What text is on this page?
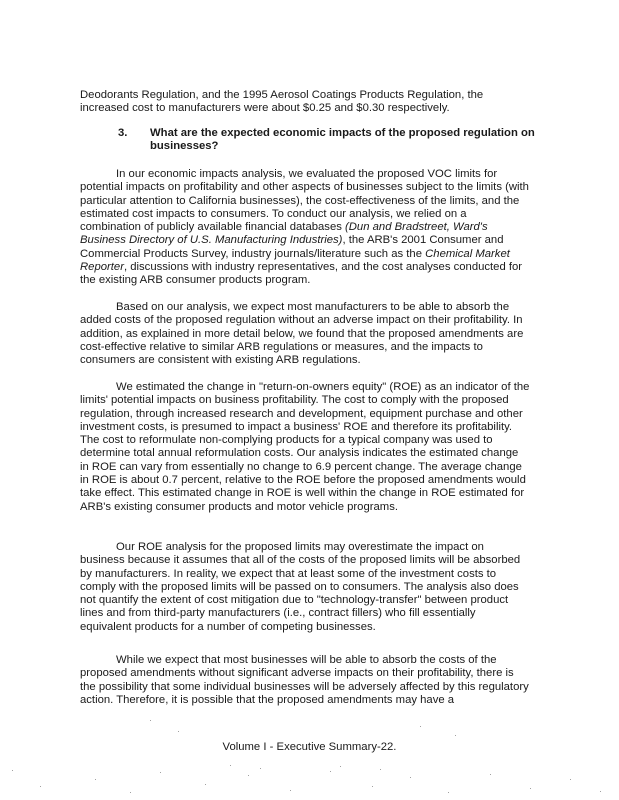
Deodorants Regulation, and the 1995 Aerosol Coatings Products Regulation, the increased cost to manufacturers were about $0.25 and $0.30 respectively.

3. What are the expected economic impacts of the proposed regulation on businesses?

In our economic impacts analysis, we evaluated the proposed VOC limits for potential impacts on profitability and other aspects of businesses subject to the limits (with particular attention to California businesses), the cost-effectiveness of the limits, and the estimated cost impacts to consumers. To conduct our analysis, we relied on a combination of publicly available financial databases (Dun and Bradstreet, Ward's Business Directory of U.S. Manufacturing Industries), the ARB's 2001 Consumer and Commercial Products Survey, industry journals/literature such as the Chemical Market Reporter, discussions with industry representatives, and the cost analyses conducted for the existing ARB consumer products program.

Based on our analysis, we expect most manufacturers to be able to absorb the added costs of the proposed regulation without an adverse impact on their profitability. In addition, as explained in more detail below, we found that the proposed amendments are cost-effective relative to similar ARB regulations or measures, and the impacts to consumers are consistent with existing ARB regulations.

We estimated the change in "return-on-owners equity" (ROE) as an indicator of the limits' potential impacts on business profitability. The cost to comply with the proposed regulation, through increased research and development, equipment purchase and other investment costs, is presumed to impact a business' ROE and therefore its profitability. The cost to reformulate non-complying products for a typical company was used to determine total annual reformulation costs. Our analysis indicates the estimated change in ROE can vary from essentially no change to 6.9 percent change. The average change in ROE is about 0.7 percent, relative to the ROE before the proposed amendments would take effect. This estimated change in ROE is well within the change in ROE estimated for ARB's existing consumer products and motor vehicle programs.

Our ROE analysis for the proposed limits may overestimate the impact on business because it assumes that all of the costs of the proposed limits will be absorbed by manufacturers. In reality, we expect that at least some of the investment costs to comply with the proposed limits will be passed on to consumers. The analysis also does not quantify the extent of cost mitigation due to "technology-transfer" between product lines and from third-party manufacturers (i.e., contract fillers) who fill essentially equivalent products for a number of competing businesses.

While we expect that most businesses will be able to absorb the costs of the proposed amendments without significant adverse impacts on their profitability, there is the possibility that some individual businesses will be adversely affected by this regulatory action. Therefore, it is possible that the proposed amendments may have a

Volume I - Executive Summary-22.
